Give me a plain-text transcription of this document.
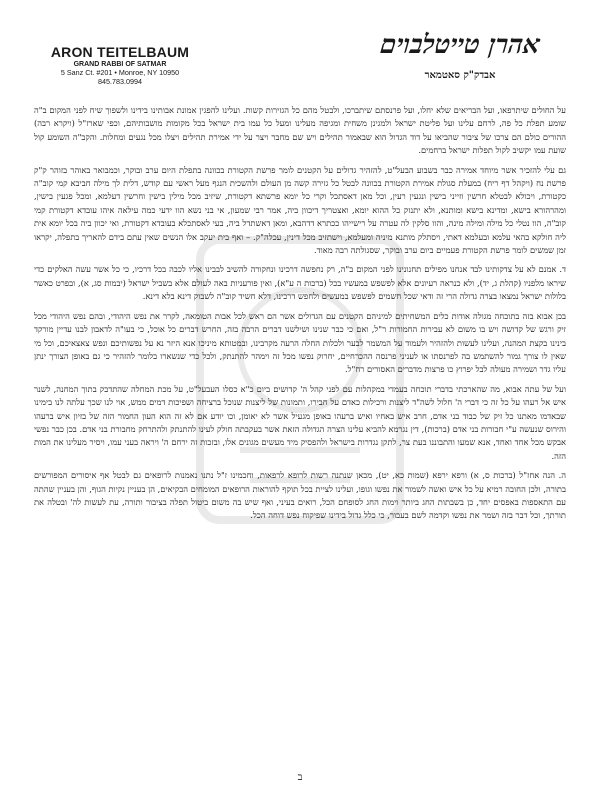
ARON TEITELBAUM
GRAND RABBI OF SATMAR
5 Sanz Ct. #201 • Monroe, NY 10950
845.783.0994
אהרן טייטלבוים
אבדק"ק סאטמאר

על החולים שיתרפאו, ועל הבריאים שלא יחלו, ועל פרנסתם שיתברכו, ולבטל מהם כל הגזירות קשות. ועלינו להפגין אמונת אבותינו בידינו ולשפוך שיח לפני המקום ב"ה שומע תפלת כל פה, לרחם עלינו ועל פליטת ישראל ולמגינן משחית ומגיפה מעלינו ומעל כל עמו בית ישראל בכל מקומות מושבותיהם, וכפי שארז"ל (ויקרא רבה) ההורים כולם הם צרכו של ציבור שהביאו על דוד הגדול הוא שבאמור תהילים ויש שם מחבר ויצר על ידי אמירת תהילים ויצלו מכל נגעים ומחלות. והקב"ה השומע קול שועת עמו יקשיב לקול תפלות ישראל ברחמים.

גם עלי להזכיר אשר מיוחד אמירה כבר בשבוע הבעל"ט, להזהיר גדולים על הקטנים לומר פרשת הקטורת בכוונה בתפלת היום ערב ובוקר, וכמבואר באוהר בזוהר ק"ק פרשת נח (ויקהל דף ריח) במעלת סגולת אמירת הקטורת בכוונה לבטל כל גזירה קשה מן העולם ולהשכית הנגף מעל ראשי עם קודש, דלית לך מילה חביבא קמי קוב"ה כקטורת, ויכולא לבטלא חרשין וזייני בישין ונגעין רעין, וכל מאן דאסתכל וקרי כל יומא פרשתא דקטורת, שיזיב מכל מילין בישין וחרשין דעלמא, ומכל פגעין בישין, ומהרהורא בישא, ומדינא בישא ומותנא, ולא יתנזק כל ההוא יומא, ואצטריך דיכוון ביה, אמר רבי שמעון, אי בני נשא הוו ידעי כמה עילאה איהו עובדא דקטורת קמי קוב"ה, הוו נטלי כל מילה ומילה מינה, והוו סלקין לה עטרה על רישייהו ככתרא דדהבא, ומאן דאשתדל ביה, בעי לאסתכלא בעובדא דקטורת, ואי יכוון ביה בכל יומא אית ליה חולקא בהאי עלמא ובעלמא דאתי, ויסתלק מותנא מיניה ומעלמא, וישתזיב מכל דינין, עכלה"ק. – ואף בית יעקב אלו הנשים שאין עתם בידם להאריך בתפלה, יקראו זמן שמשים לומר פרשת הקטורת פעמיים ביום ערב ובוקר, שסגולתה רבה מאוד.

ד. אמנם לא על צדקותינו לבד אנחנו מפילים תחנונינו לפני המקום ב"ה, רק נחפשה דרכינו ונחקורה להשיב לבבינו אליו לכבה בכל דרכיו, כי כל אשר עשה האלקים כדי שיראו מלפניו (קהלת ג, יד), ולא כנראה רעיונים אלא לפשפש במעשיו בכל (ברכות ה ע"א), ואין פורעניות באה לעולם אלא בשביל ישראל (יבמות סג, א), ובפרט כאשר בלולות ישראל נמצאו בצרה גדולה הרי זה ודאי שכל חשמים לפשפש במעשים ולחפש דרכינו, דלא חשיד קוב"ה לשבוק דינא בלא דינא.

בכן אבוא בזה בתוכחה מגולה אודות כלים המשחיתים למיניהם הקטנים עם הגדולים אשר הם ראש לכל אבות הטומאה, לקרר את נפש היהודי, ובהם נפש היהודי מכל זיק ורגש של קדושה ויש בו משום לא עבירות החמורות ר"ל, ואם כי כבר שנינו ושילשנו דברים הרבה בזה, החרש דברים כל אוכל, כי בעו"ה לדאבון לבנו עדיין מורקד בינינו בקצת המהנה, ועלינו לעשות ולהזהיר ולעמוד על המשמר לבער ולכלות החלה הרעה מקרבינו, ובמטותא מיניכו אנא היזר נא על נפשותיכם ונפש צאצאיכם, וכל מי שאין לו צורך גמור להשתמש בה לפרנסתו או לעניני פרנסה ההכרחיים, יחרוק נפשו מכל זה וימהר להתנתק, ולכל כדי שנשארו בלומר להזהיר כי גם באופן הצורך ינתן עליו גדר ושמירה מעולה לבל יפרוץ כו פרצות מדברים האסורים רח"ל.

ועל של עתה אבוא, מה שהארכתי בדברי תוכחה בעמדי במקהלות עם לפני קהל ה' קדושים ביום כ"א כסלו העבעל"ט, על מכת המחלה שהתדבק בתוך המחנה, לשנר איש אל רעהו על כל זה כי דברי ה' חלול לשה"ד ליצנות ורכילות כאדם על חבירו, ותמונות של ליצנות שנוכל ברציחה ושפיכות דמים ממש, אוי לנו שכך עלתה לנו בימינו שבאדמו מאתנו כל זיק של כבוד בני אדם, חרב איש באחיו ואיש ברעהו באופן מגעיל אשר לא יאומן, וכו יודע אם לא זה הוא העון החמור הזה של בזיון איש ברעהו והירוס שנעשה ע"י חבורות בני אדם (ברכות), דין נגרמא להביא עלינו הצרה הגדולה הזאת אשר בעקבתה חולק לעינו להתנתק ולהתרחק מחבורת בני אדם. בכן כבר נפשי אבקש מכל אחד ואחד, אנא שמעו והתבוננו בעת צר, לתקן נגדרות בישראל ולהפסיק מיד מעשים מגונים אלו, ובזכות זה ירחם ה' ויראה בעני עמו, ויסיר מעלינו את המות הזה.

ה. הנה אחז"ל (ברכות ס, א) ורפא ירפא (שמות כא, יט), מכאן שנתנה רשות לרופא לרפאות, וחכמינו ז"ל נתנו נאמנות לרופאים גם לבטל אף איסורים המפורשים בתורה, ולכן החובה רמיא על כל איש ואשה לשמור את נפשו וגופו, ועלינו לציית בכל תוקף להוראות הרופאים המומחים הבקיאים, הן בעניין נקיות הגוף, והן בעניין שהתה עם התאספות באפסים יחד, כן בשבתות החג ביותר וימות החג לסופחם הכל, רואים בעיני, ואף שיש בה משום ביטול תפלה בציבור ותורה, עת לעשות לה' ובטלה את תורתך, וכל דבר בזה ושמר את נפשו וקדמה לשם בעבור, כי כלל גדול בידינו שפיקוח נפש דוחה הכל.

ב
